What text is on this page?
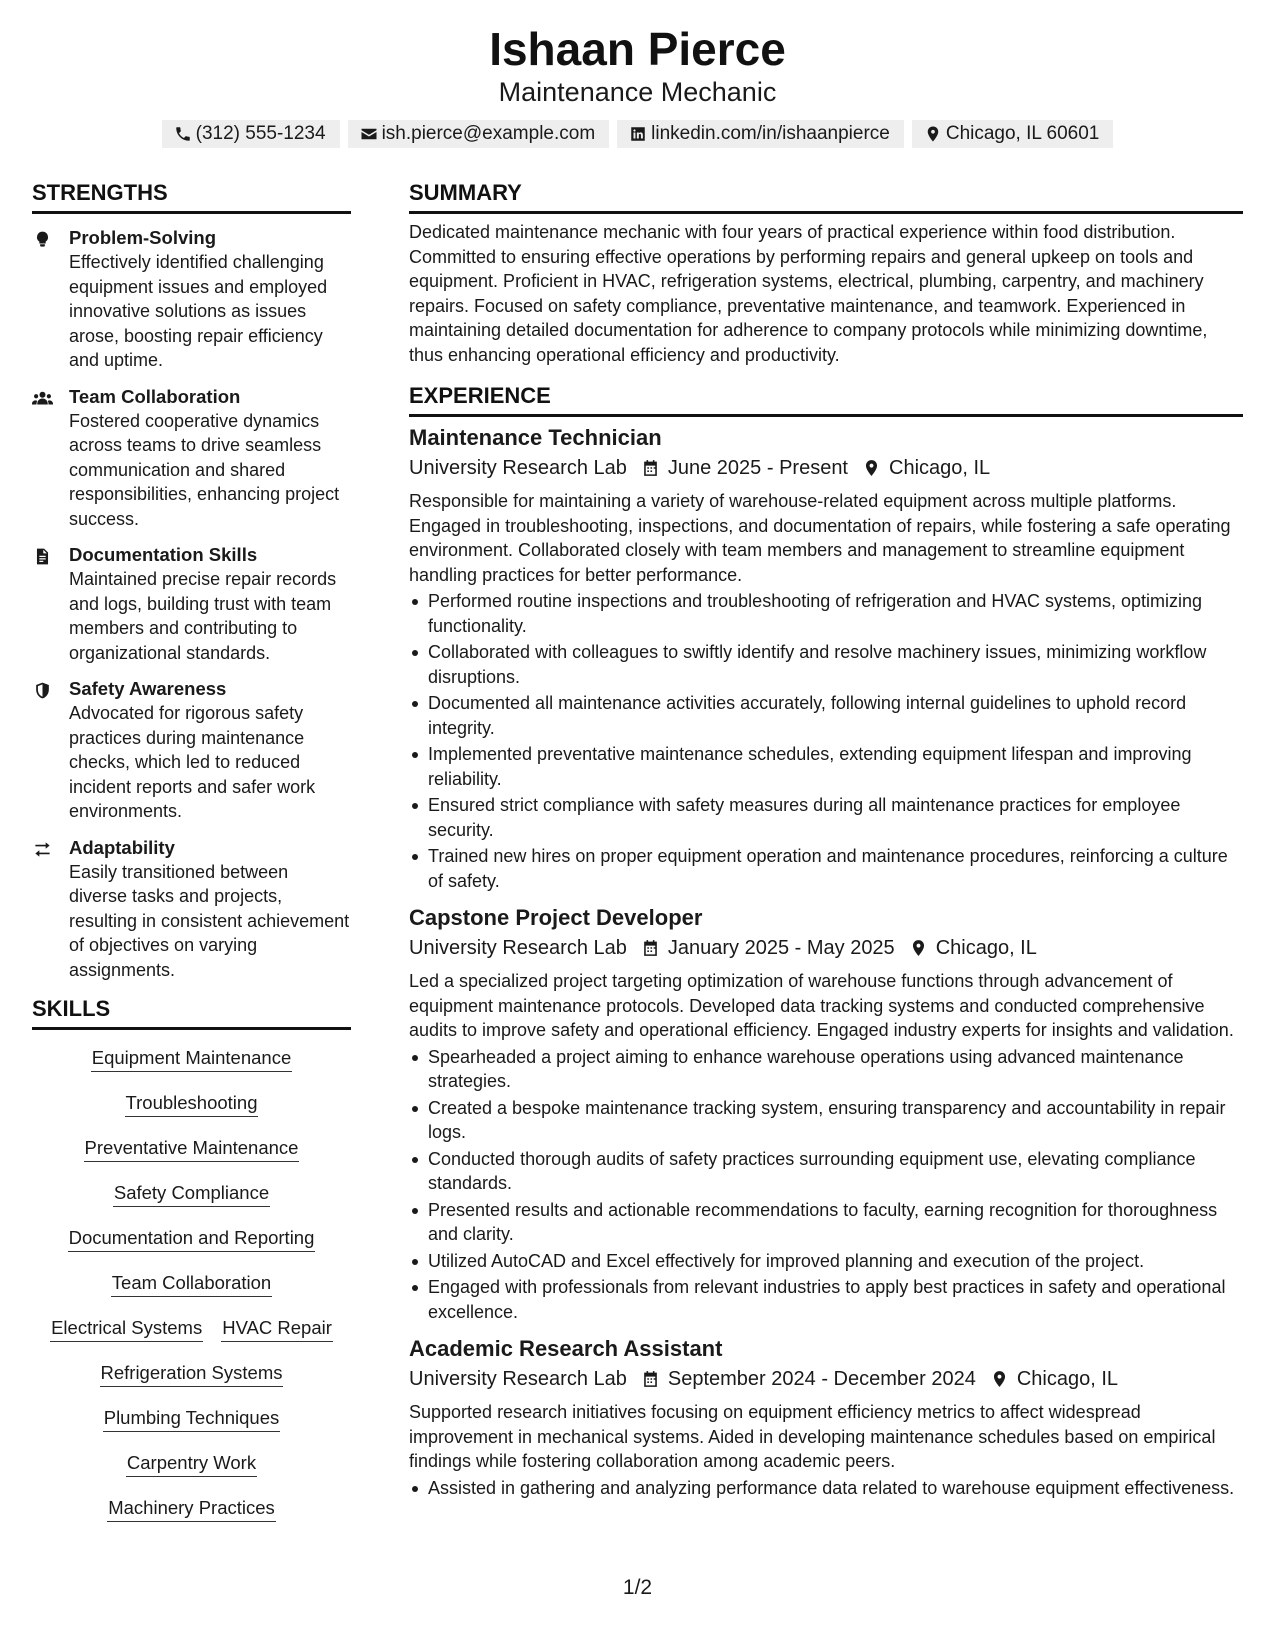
Ishaan Pierce
Maintenance Mechanic
(312) 555-1234	ish.pierce@example.com	linkedin.com/in/ishaanpierce	Chicago, IL 60601
STRENGTHS
Problem-Solving
Effectively identified challenging equipment issues and employed innovative solutions as issues arose, boosting repair efficiency and uptime.
Team Collaboration
Fostered cooperative dynamics across teams to drive seamless communication and shared responsibilities, enhancing project success.
Documentation Skills
Maintained precise repair records and logs, building trust with team members and contributing to organizational standards.
Safety Awareness
Advocated for rigorous safety practices during maintenance checks, which led to reduced incident reports and safer work environments.
Adaptability
Easily transitioned between diverse tasks and projects, resulting in consistent achievement of objectives on varying assignments.
SKILLS
Equipment Maintenance
Troubleshooting
Preventative Maintenance
Safety Compliance
Documentation and Reporting
Team Collaboration
Electrical Systems HVAC Repair
Refrigeration Systems
Plumbing Techniques
Carpentry Work
Machinery Practices
SUMMARY
Dedicated maintenance mechanic with four years of practical experience within food distribution. Committed to ensuring effective operations by performing repairs and general upkeep on tools and equipment. Proficient in HVAC, refrigeration systems, electrical, plumbing, carpentry, and machinery repairs. Focused on safety compliance, preventative maintenance, and teamwork. Experienced in maintaining detailed documentation for adherence to company protocols while minimizing downtime, thus enhancing operational efficiency and productivity.
EXPERIENCE
Maintenance Technician
University Research Lab June 2025 - Present Chicago, IL
Responsible for maintaining a variety of warehouse-related equipment across multiple platforms. Engaged in troubleshooting, inspections, and documentation of repairs, while fostering a safe operating environment. Collaborated closely with team members and management to streamline equipment handling practices for better performance.
Performed routine inspections and troubleshooting of refrigeration and HVAC systems, optimizing functionality.
Collaborated with colleagues to swiftly identify and resolve machinery issues, minimizing workflow disruptions.
Documented all maintenance activities accurately, following internal guidelines to uphold record integrity.
Implemented preventative maintenance schedules, extending equipment lifespan and improving reliability.
Ensured strict compliance with safety measures during all maintenance practices for employee security.
Trained new hires on proper equipment operation and maintenance procedures, reinforcing a culture of safety.
Capstone Project Developer
University Research Lab January 2025 - May 2025 Chicago, IL
Led a specialized project targeting optimization of warehouse functions through advancement of equipment maintenance protocols. Developed data tracking systems and conducted comprehensive audits to improve safety and operational efficiency. Engaged industry experts for insights and validation.
Spearheaded a project aiming to enhance warehouse operations using advanced maintenance strategies.
Created a bespoke maintenance tracking system, ensuring transparency and accountability in repair logs.
Conducted thorough audits of safety practices surrounding equipment use, elevating compliance standards.
Presented results and actionable recommendations to faculty, earning recognition for thoroughness and clarity.
Utilized AutoCAD and Excel effectively for improved planning and execution of the project.
Engaged with professionals from relevant industries to apply best practices in safety and operational excellence.
Academic Research Assistant
University Research Lab September 2024 - December 2024 Chicago, IL
Supported research initiatives focusing on equipment efficiency metrics to affect widespread improvement in mechanical systems. Aided in developing maintenance schedules based on empirical findings while fostering collaboration among academic peers.
Assisted in gathering and analyzing performance data related to warehouse equipment effectiveness.
1/2
